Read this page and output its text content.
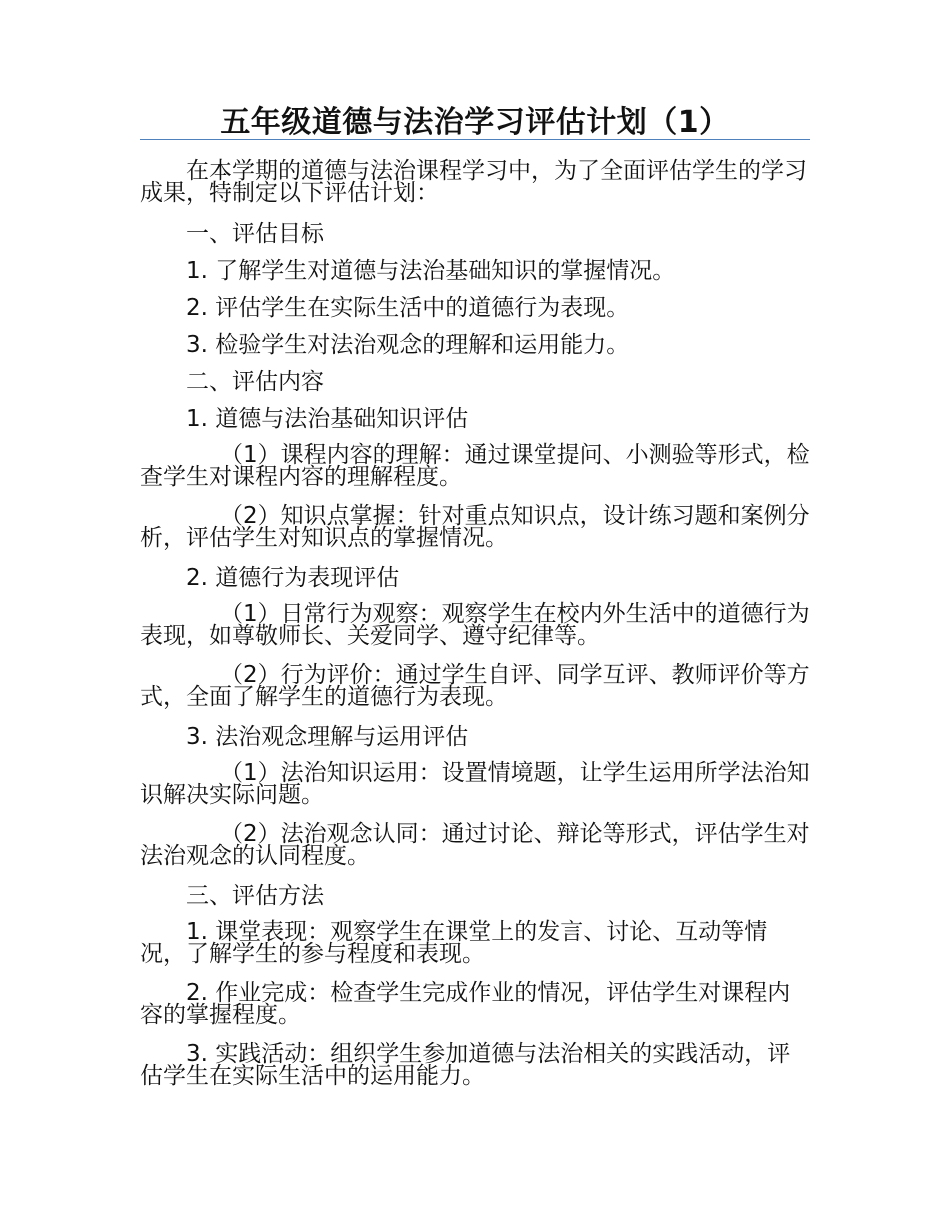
五年级道德与法治学习评估计划（1）

在本学期的道德与法治课程学习中，为了全面评估学生的学习成果，特制定以下评估计划：

一、评估目标

1. 了解学生对道德与法治基础知识的掌握情况。

2. 评估学生在实际生活中的道德行为表现。

3. 检验学生对法治观念的理解和运用能力。

二、评估内容

1. 道德与法治基础知识评估

（1）课程内容的理解：通过课堂提问、小测验等形式，检查学生对课程内容的理解程度。

（2）知识点掌握：针对重点知识点，设计练习题和案例分析，评估学生对知识点的掌握情况。

2. 道德行为表现评估

（1）日常行为观察：观察学生在校内外生活中的道德行为表现，如尊敬师长、关爱同学、遵守纪律等。

（2）行为评价：通过学生自评、同学互评、教师评价等方式，全面了解学生的道德行为表现。

3. 法治观念理解与运用评估

（1）法治知识运用：设置情境题，让学生运用所学法治知识解决实际问题。

（2）法治观念认同：通过讨论、辩论等形式，评估学生对法治观念的认同程度。

三、评估方法

1. 课堂表现：观察学生在课堂上的发言、讨论、互动等情况，了解学生的参与程度和表现。

2. 作业完成：检查学生完成作业的情况，评估学生对课程内容的掌握程度。

3. 实践活动：组织学生参加道德与法治相关的实践活动，评估学生在实际生活中的运用能力。
